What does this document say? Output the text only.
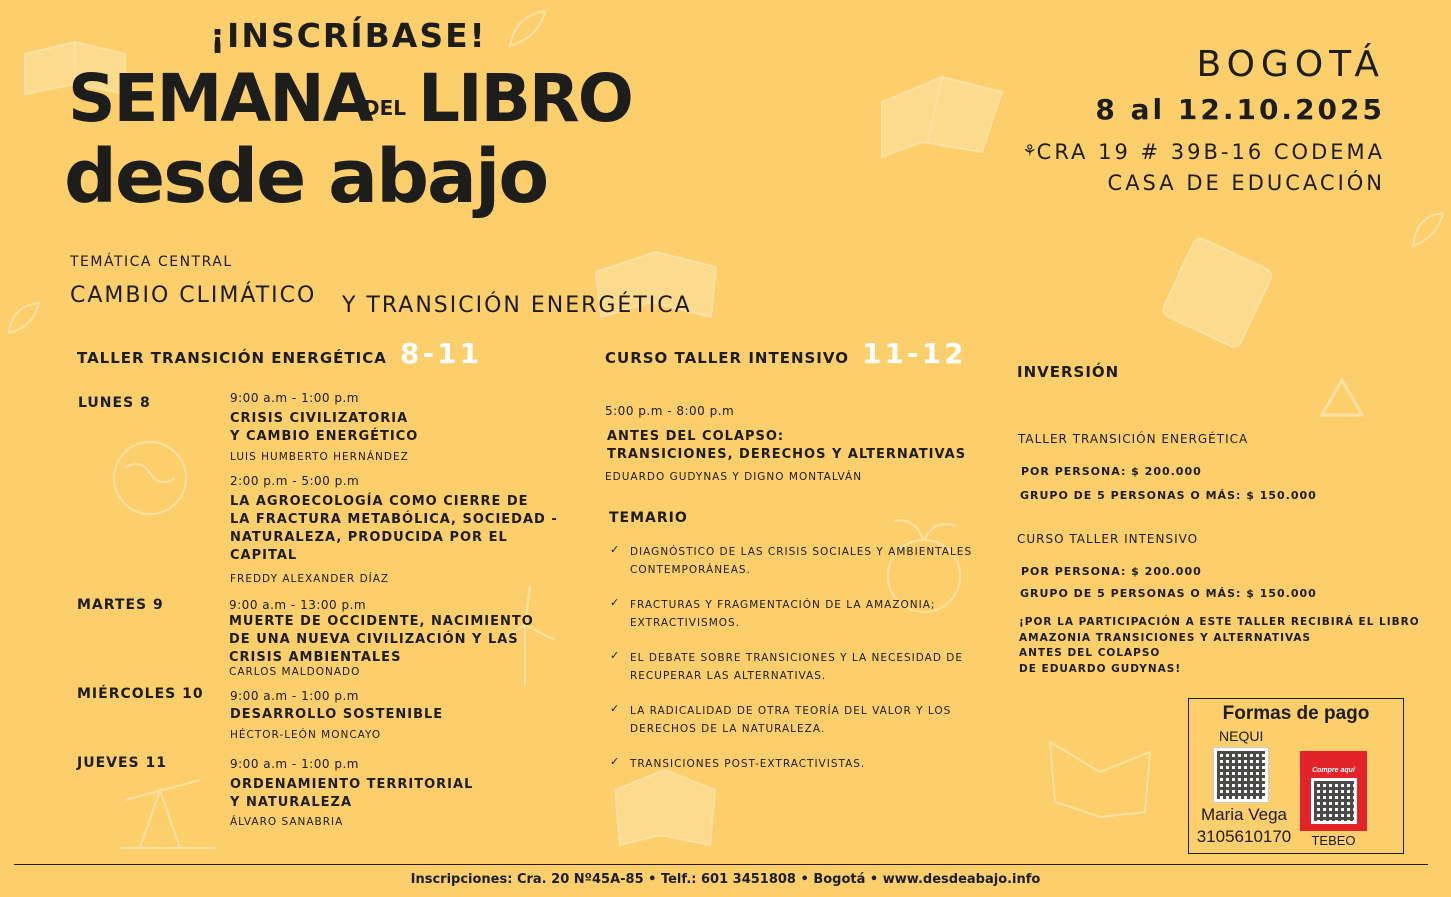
¡INSCRÍBASE!
SEMANA
DEL LIBRO
desde abajo
BOGOTÁ
8 al 12.10.2025
⚘︎CRA 19 # 39B-16 CODEMA
CASA DE EDUCACIÓN
TEMÁTICA CENTRAL
CAMBIO CLIMÁTICO Y TRANSICIÓN ENERGÉTICA
TALLER TRANSICIÓN ENERGÉTICA 8-11
LUNES 8	9:00 a.m - 1:00 p.m
CRISIS CIVILIZATORIA
Y CAMBIO ENERGÉTICO
LUIS HUMBERTO HERNÁNDEZ
2:00 p.m - 5:00 p.m
LA AGROECOLOGÍA COMO CIERRE DE
LA FRACTURA METABÓLICA, SOCIEDAD -
NATURALEZA, PRODUCIDA POR EL
CAPITAL
FREDDY ALEXANDER DÍAZ
MARTES 9	9:00 a.m - 13:00 p.m
MUERTE DE OCCIDENTE, NACIMIENTO
DE UNA NUEVA CIVILIZACIÓN Y LAS
CRISIS AMBIENTALES
CARLOS MALDONADO
MIÉRCOLES 10 9:00 a.m - 1:00 p.m
DESARROLLO SOSTENIBLE
HÉCTOR-LEÓN MONCAYO
JUEVES 11	9:00 a.m - 1:00 p.m
ORDENAMIENTO TERRITORIAL
Y NATURALEZA
ÁLVARO SANABRIA
CURSO TALLER INTENSIVO 11-12
5:00 p.m - 8:00 p.m
ANTES DEL COLAPSO:
TRANSICIONES, DERECHOS Y ALTERNATIVAS
EDUARDO GUDYNAS Y DIGNO MONTALVÁN
TEMARIO
✓ DIAGNÓSTICO DE LAS CRISIS SOCIALES Y AMBIENTALES
CONTEMPORÁNEAS.
✓ FRACTURAS Y FRAGMENTACIÓN DE LA AMAZONIA;
EXTRACTIVISMOS.
✓ EL DEBATE SOBRE TRANSICIONES Y LA NECESIDAD DE
RECUPERAR LAS ALTERNATIVAS.
✓ LA RADICALIDAD DE OTRA TEORÍA DEL VALOR Y LOS
DERECHOS DE LA NATURALEZA.
✓ TRANSICIONES POST-EXTRACTIVISTAS.
INVERSIÓN
TALLER TRANSICIÓN ENERGÉTICA
POR PERSONA: $ 200.000
GRUPO DE 5 PERSONAS O MÁS: $ 150.000
CURSO TALLER INTENSIVO
POR PERSONA: $ 200.000
GRUPO DE 5 PERSONAS O MÁS: $ 150.000
¡POR LA PARTICIPACIÓN A ESTE TALLER RECIBIRÁ EL LIBRO
AMAZONIA TRANSICIONES Y ALTERNATIVAS
ANTES DEL COLAPSO
DE EDUARDO GUDYNAS!
Formas de pago
NEQUI
Maria Vega
3105610170
Compre aquí
TEBEO
Inscripciones: Cra. 20 Nº45A-85 • Telf.: 601 3451808 • Bogotá • www.desdeabajo.info
